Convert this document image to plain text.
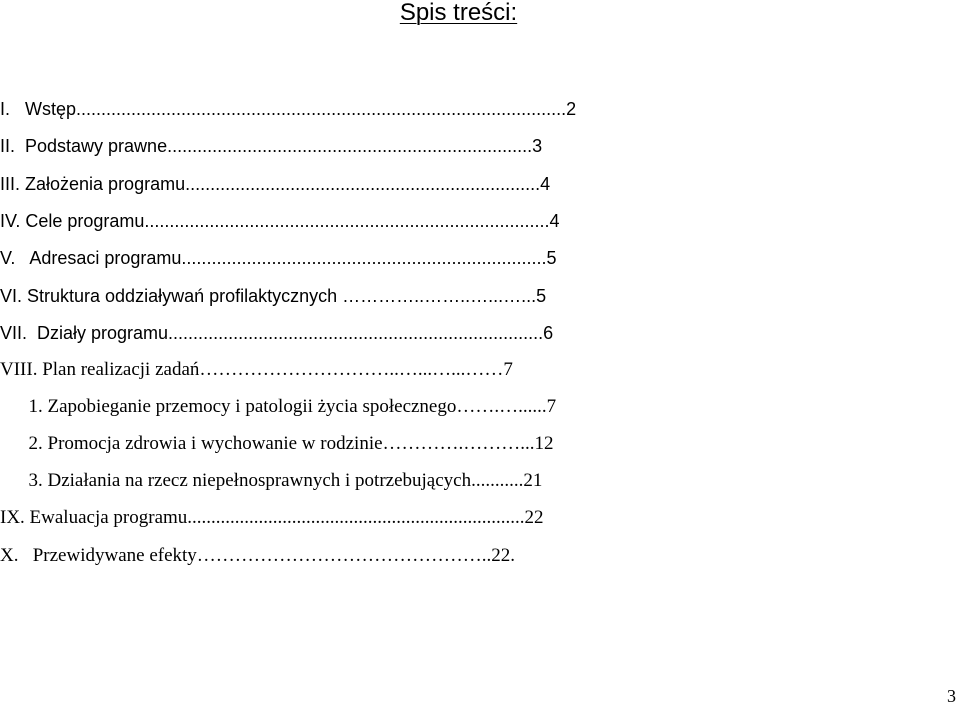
Spis treści:
I.   Wstęp..................................................................................................2
II.  Podstawy prawne.........................................................................3
III. Założenia programu.......................................................................4
IV. Cele programu.................................................................................4
V.   Adresaci programu.........................................................................5
VI. Struktura oddziaływań profilaktycznych …………..……..…...…...5
VII.  Działy programu...........................................................................6
VIII. Plan realizacji zadań…………………………..…...…...……7
1. Zapobieganie przemocy i patologii życia społecznego…….…......7
2. Promocja zdrowia i wychowanie w rodzinie………….………...12
3. Działania na rzecz niepełnosprawnych i potrzebujących...........21
IX. Ewaluacja programu.......................................................................22
X.   Przewidywane efekty………………………………………..22.
3
